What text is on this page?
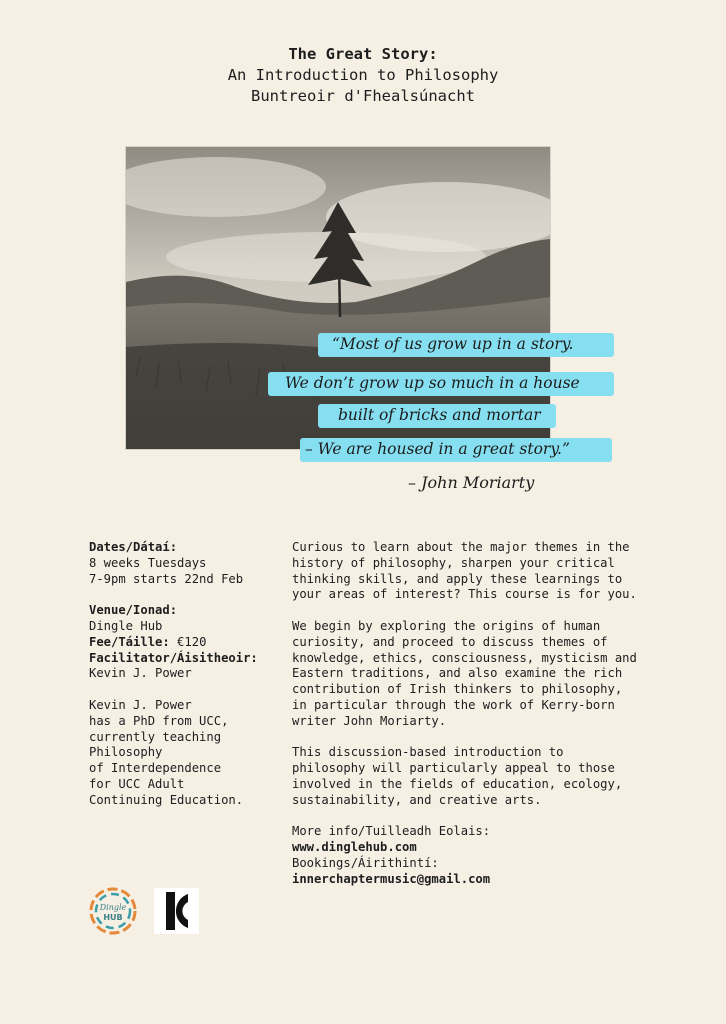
The Great Story:
An Introduction to Philosophy
Buntreoir d'Fhealsúnacht
“Most of us grow up in a story.
We don’t grow up so much in a house
built of bricks and mortar
– We are housed in a great story.”
– John Moriarty

Dates/Dátaí:

8 weeks Tuesdays

7-9pm starts 22nd Feb

Venue/Ionad:

Dingle Hub

Fee/Táille: €120

Facilitator/Áisitheoir:

Kevin J. Power

Kevin J. Power

has a PhD from UCC,

currently teaching

Philosophy

of Interdependence

for UCC Adult

Continuing Education.

Curious to learn about the major themes in the history of philosophy, sharpen your critical thinking skills, and apply these learnings to your areas of interest? This course is for you.

We begin by exploring the origins of human curiosity, and proceed to discuss themes of knowledge, ethics, consciousness, mysticism and Eastern traditions, and also examine the rich contribution of Irish thinkers to philosophy, in particular through the work of Kerry-born writer John Moriarty.

This discussion-based introduction to philosophy will particularly appeal to those involved in the fields of education, ecology, sustainability, and creative arts.

More info/Tuilleadh Eolais:

www.dinglehub.com

Bookings/Áirithintí:

innerchaptermusic@gmail.com

Dingle
HUB
